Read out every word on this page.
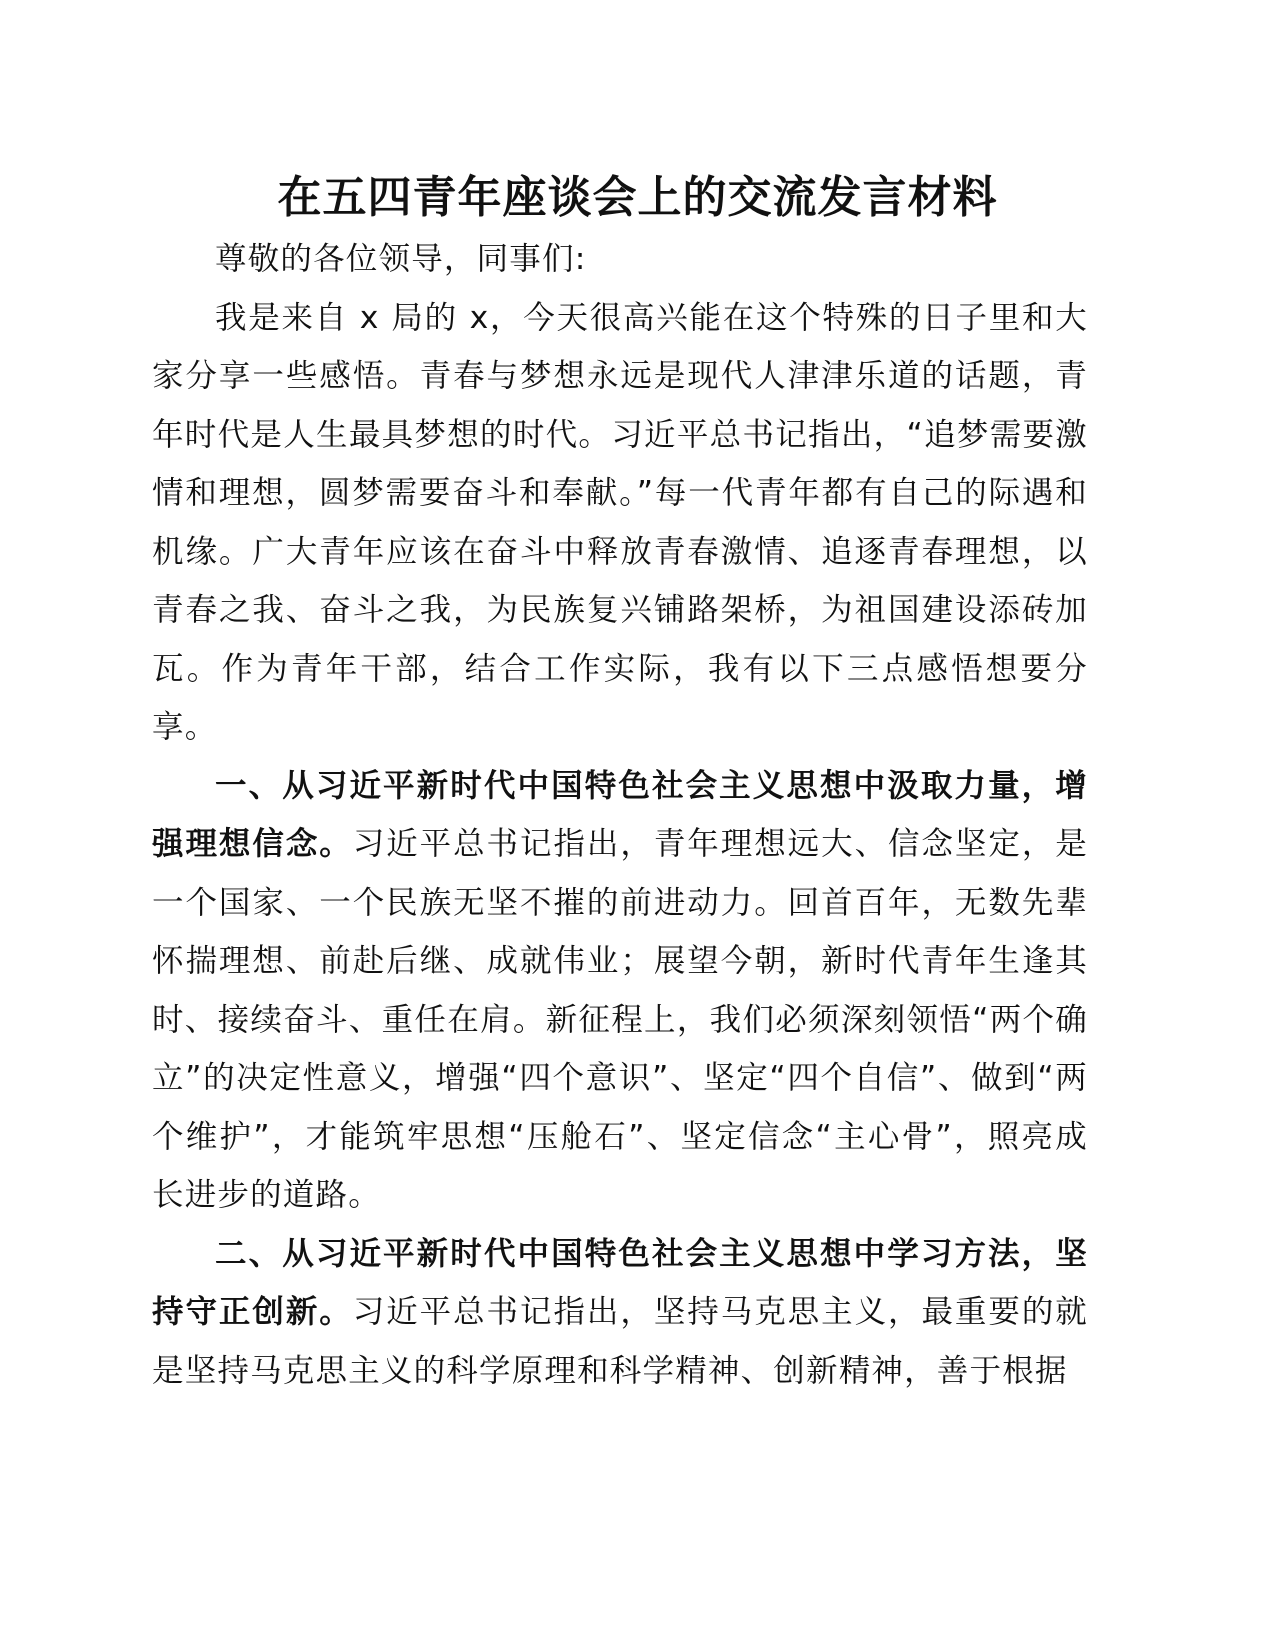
在五四青年座谈会上的交流发言材料

尊敬的各位领导，同事们:

我是来自 x 局的 x，今天很高兴能在这个特殊的日子里和大家分享一些感悟。青春与梦想永远是现代人津津乐道的话题，青年时代是人生最具梦想的时代。习近平总书记指出，“追梦需要激情和理想，圆梦需要奋斗和奉献。”每一代青年都有自己的际遇和机缘。广大青年应该在奋斗中释放青春激情、追逐青春理想，以青春之我、奋斗之我，为民族复兴铺路架桥，为祖国建设添砖加瓦。作为青年干部，结合工作实际，我有以下三点感悟想要分享。

一、从习近平新时代中国特色社会主义思想中汲取力量，增强理想信念。习近平总书记指出，青年理想远大、信念坚定，是一个国家、一个民族无坚不摧的前进动力。回首百年，无数先辈怀揣理想、前赴后继、成就伟业；展望今朝，新时代青年生逢其时、接续奋斗、重任在肩。新征程上，我们必须深刻领悟“两个确立”的决定性意义，增强“四个意识”、坚定“四个自信”、做到“两个维护”，才能筑牢思想“压舱石”、坚定信念“主心骨”，照亮成长进步的道路。

二、从习近平新时代中国特色社会主义思想中学习方法，坚持守正创新。习近平总书记指出，坚持马克思主义，最重要的就是坚持马克思主义的科学原理和科学精神、创新精神，善于根据
